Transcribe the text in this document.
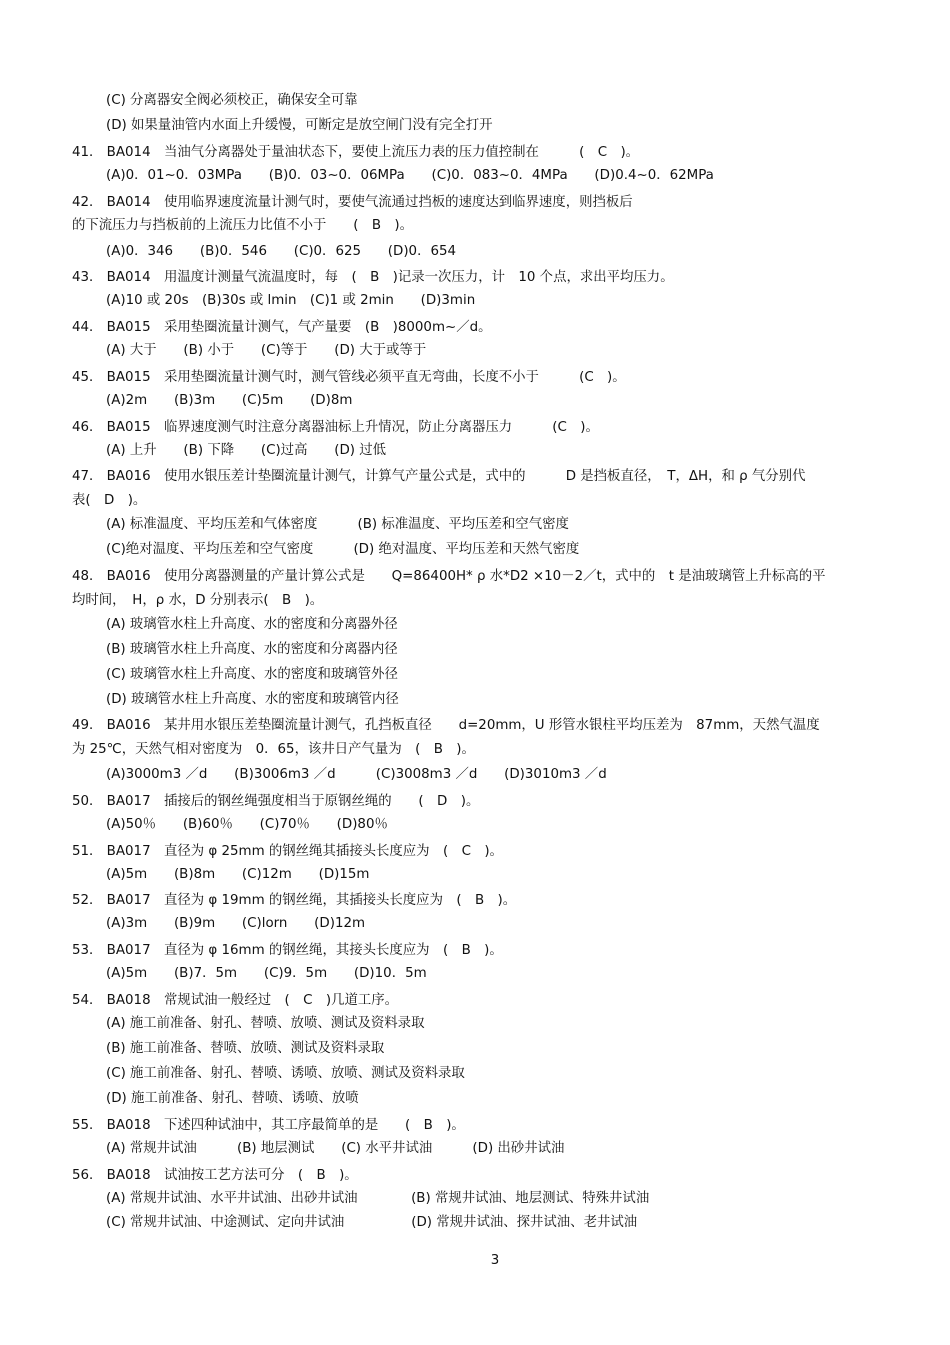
(C) 分离器安全阀必须校正，确保安全可靠
(D) 如果量油管内水面上升缓慢，可断定是放空闸门没有完全打开
41． BA014　当油气分离器处于量油状态下，要使上流压力表的压力值控制在　　　(　C　)。
(A)0．01~0．03MPa　　(B)0．03~0．06MPa　　(C)0．083~0．4MPa　　(D)0.4~0．62MPa
42． BA014　使用临界速度流量计测气时，要使气流通过挡板的速度达到临界速度，则挡板后
的下流压力与挡板前的上流压力比值不小于　　(　B　)。
(A)0．346　　(B)0．546　　(C)0．625　　(D)0．654
43． BA014　用温度计测量气流温度时，每　(　B　)记录一次压力，计　10 个点，求出平均压力。
(A)10 或 20s　(B)30s 或 lmin　(C)1 或 2min　　(D)3min
44． BA015　采用垫圈流量计测气，气产量要　(B　)8000m~／d。
(A) 大于　　(B) 小于　　(C)等于　　(D) 大于或等于
45． BA015　采用垫圈流量计测气时，测气管线必须平直无弯曲，长度不小于　　　(C　)。
(A)2m　　(B)3m　　(C)5m　　(D)8m
46． BA015　临界速度测气时注意分离器油标上升情况，防止分离器压力　　　(C　)。
(A) 上升　　(B) 下降　　(C)过高　　(D) 过低
47． BA016　使用水银压差计垫圈流量计测气，计算气产量公式是，式中的　　　D 是挡板直径，　T，ΔH，和 ρ 气分别代
表(　D　)。
(A) 标准温度、平均压差和气体密度　　　(B) 标准温度、平均压差和空气密度
(C)绝对温度、平均压差和空气密度　　　(D) 绝对温度、平均压差和天然气密度
48． BA016　使用分离器测量的产量计算公式是　　Q=86400H* ρ 水*D2 ×10－2／t，式中的　t 是油玻璃管上升标高的平
均时间，　H，ρ 水，D 分别表示(　B　)。
(A) 玻璃管水柱上升高度、水的密度和分离器外径
(B) 玻璃管水柱上升高度、水的密度和分离器内径
(C) 玻璃管水柱上升高度、水的密度和玻璃管外径
(D) 玻璃管水柱上升高度、水的密度和玻璃管内径
49． BA016　某井用水银压差垫圈流量计测气，孔挡板直径　　d=20mm，U 形管水银柱平均压差为　87mm，天然气温度
为 25℃，天然气相对密度为　0．65，该井日产气量为　(　B　)。
(A)3000m3 ／d　　(B)3006m3 ／d　　　(C)3008m3 ／d　　(D)3010m3 ／d
50． BA017　插接后的钢丝绳强度相当于原钢丝绳的　　(　D　)。
(A)50％　　(B)60％　　(C)70％　　(D)80％
51． BA017　直径为 φ 25mm 的钢丝绳其插接头长度应为　(　C　)。
(A)5m　　(B)8m　　(C)12m　　(D)15m
52． BA017　直径为 φ 19mm 的钢丝绳，其插接头长度应为　(　B　)。
(A)3m　　(B)9m　　(C)lorn　　(D)12m
53． BA017　直径为 φ 16mm 的钢丝绳，其接头长度应为　(　B　)。
(A)5m　　(B)7．5m　　(C)9．5m　　(D)10．5m
54． BA018　常规试油一般经过　(　C　)几道工序。
(A) 施工前准备、射孔、替喷、放喷、测试及资料录取
(B) 施工前准备、替喷、放喷、测试及资料录取
(C) 施工前准备、射孔、替喷、诱喷、放喷、测试及资料录取
(D) 施工前准备、射孔、替喷、诱喷、放喷
55． BA018　下述四种试油中，其工序最简单的是　　(　B　)。
(A) 常规井试油　　　(B) 地层测试　　(C) 水平井试油　　　(D) 出砂井试油
56． BA018　试油按工艺方法可分　(　B　)。
(A) 常规井试油、水平井试油、出砂井试油　　　　(B) 常规井试油、地层测试、特殊井试油
(C) 常规井试油、中途测试、定向井试油　　　　　(D) 常规井试油、探井试油、老井试油
3
